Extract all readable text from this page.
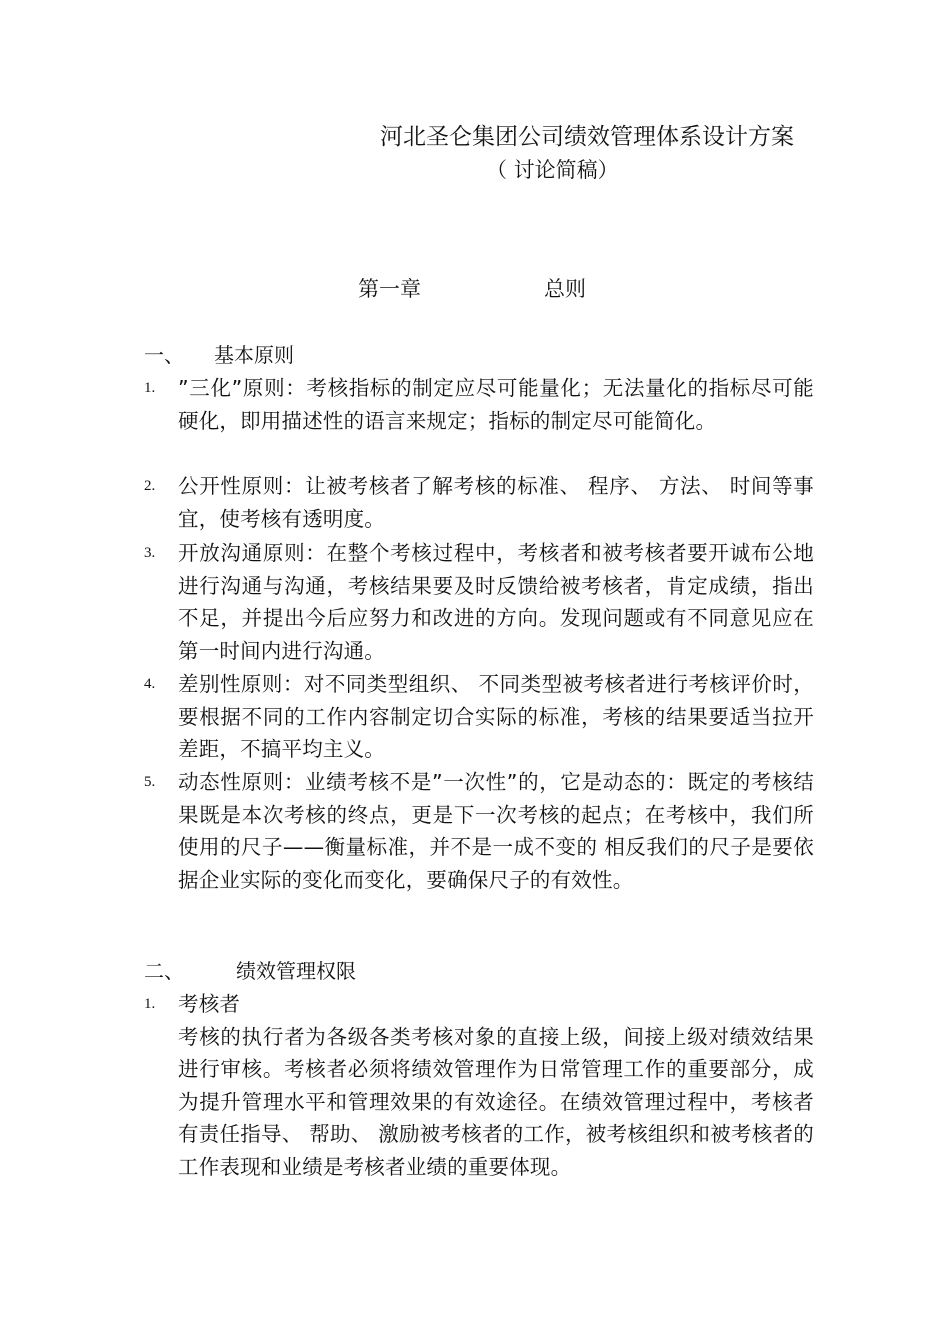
河北圣仑集团公司绩效管理体系设计方案
（ 讨论简稿）
第一章	总则
一、 基本原则
1. ”三化”原则：考核指标的制定应尽可能量化；无法量化的指标尽可能硬化，即用描述性的语言来规定；指标的制定尽可能简化。
2. 公开性原则：让被考核者了解考核的标准、 程序、 方法、 时间等事宜，使考核有透明度。
3. 开放沟通原则：在整个考核过程中，考核者和被考核者要开诚布公地进行沟通与沟通，考核结果要及时反馈给被考核者，肯定成绩，指出不足，并提出今后应努力和改进的方向。发现问题或有不同意见应在第一时间内进行沟通。
4. 差别性原则：对不同类型组织、 不同类型被考核者进行考核评价时，要根据不同的工作内容制定切合实际的标准，考核的结果要适当拉开差距，不搞平均主义。
5. 动态性原则：业绩考核不是”一次性”的，它是动态的：既定的考核结果既是本次考核的终点，更是下一次考核的起点；在考核中，我们所使用的尺子——衡量标准，并不是一成不变的 相反我们的尺子是要依据企业实际的变化而变化，要确保尺子的有效性。
二、	绩效管理权限
1. 考核者
考核的执行者为各级各类考核对象的直接上级，间接上级对绩效结果进行审核。考核者必须将绩效管理作为日常管理工作的重要部分，成为提升管理水平和管理效果的有效途径。在绩效管理过程中，考核者有责任指导、 帮助、 激励被考核者的工作，被考核组织和被考核者的工作表现和业绩是考核者业绩的重要体现。
